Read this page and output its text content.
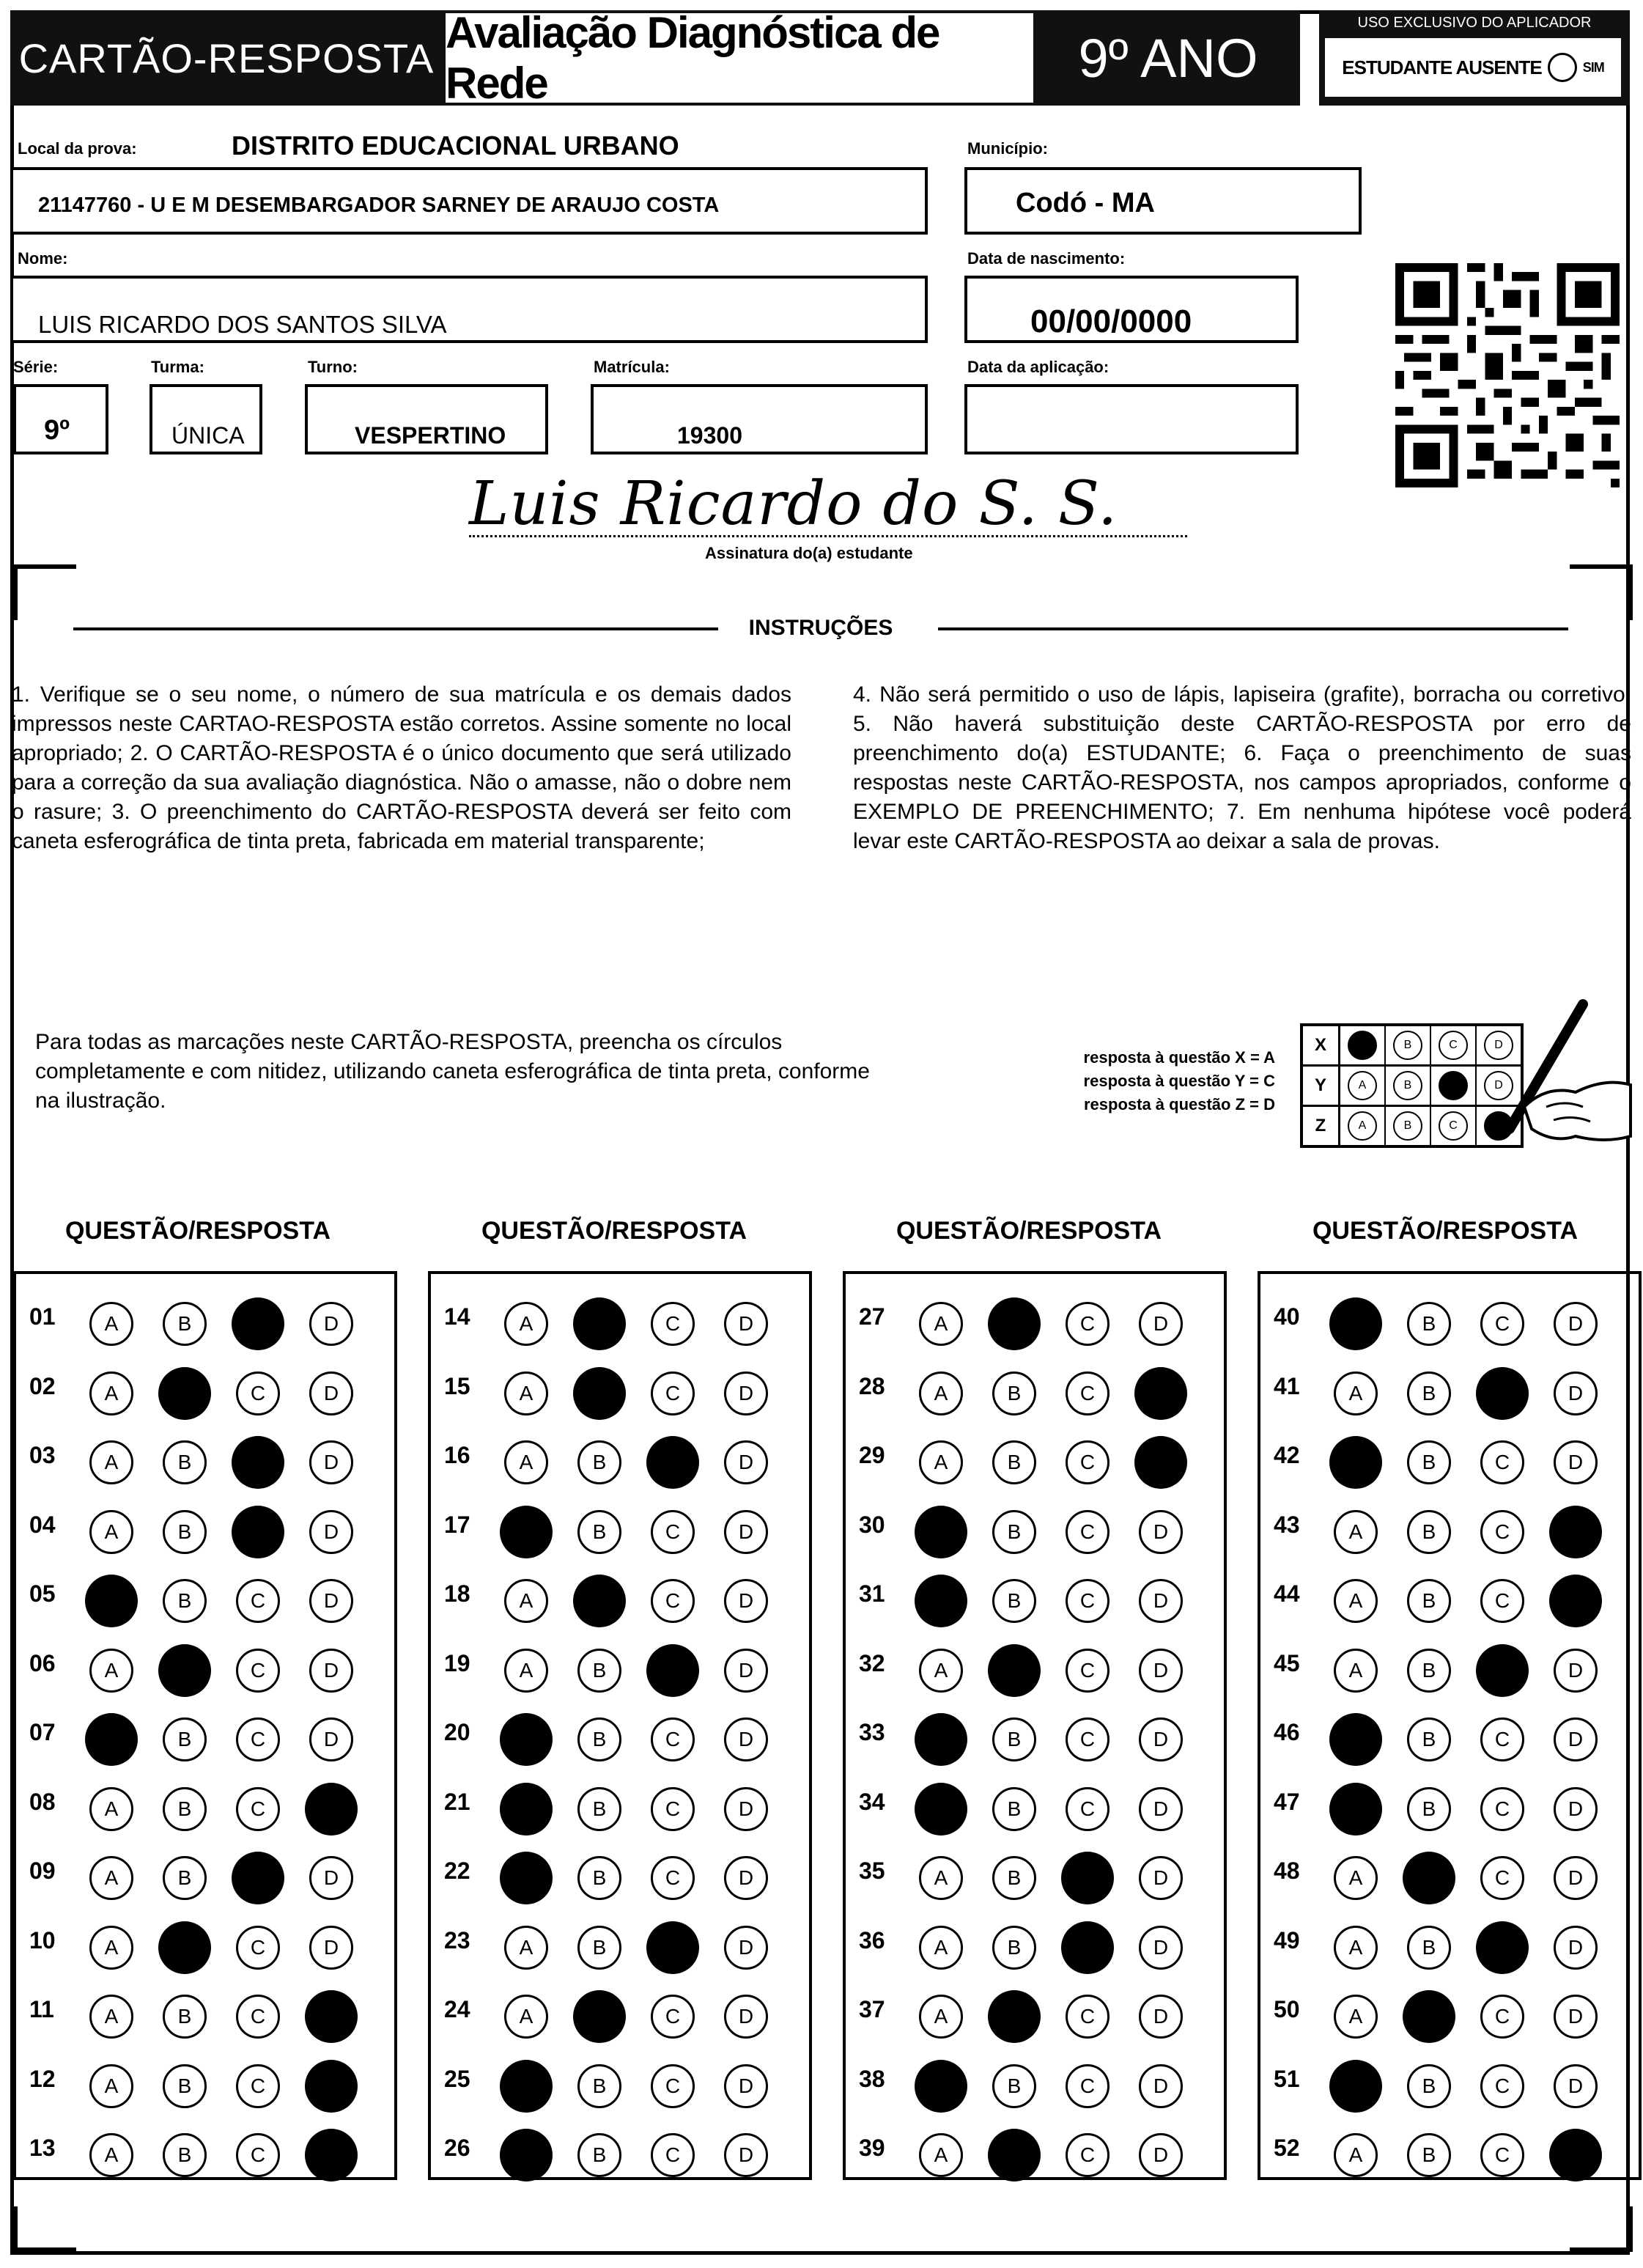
CARTÃO-RESPOSTA
Avaliação Diagnóstica de Rede	9º ANO
USO EXCLUSIVO DO APLICADOR
ESTUDANTE AUSENTE	SIM
Local da prova:	DISTRITO EDUCACIONAL URBANO
21147760 - U E M DESEMBARGADOR SARNEY DE ARAUJO COSTA
Município:
Codó - MA
Nome:
LUIS RICARDO DOS SANTOS SILVA
Data de nascimento:
00/00/0000
Série:
9º
Turma:
ÚNICA
Turno:
VESPERTINO
Matrícula:
19300
Data da aplicação:
Luis Ricardo do S. S.
Assinatura do(a) estudante
INSTRUÇÕES
1. Verifique se o seu nome, o número de sua matrícula e os demais dados impressos neste CARTAO-RESPOSTA estão corretos. Assine somente no local apropriado; 2. O CARTÃO-RESPOSTA é o único documento que será utilizado para a correção da sua avaliação diagnóstica. Não o amasse, não o dobre nem o rasure; 3. O preenchimento do CARTÃO-RESPOSTA deverá ser feito com caneta esferográfica de tinta preta, fabricada em material transparente;
4. Não será permitido o uso de lápis, lapiseira (grafite), borracha ou corretivo; 5. Não haverá substituição deste CARTÃO-RESPOSTA por erro de preenchimento do(a) ESTUDANTE; 6. Faça o preenchimento de suas respostas neste CARTÃO-RESPOSTA, nos campos apropriados, conforme o EXEMPLO DE PREENCHIMENTO; 7. Em nenhuma hipótese você poderá levar este CARTÃO-RESPOSTA ao deixar a sala de provas.
Para todas as marcações neste CARTÃO-RESPOSTA, preencha os círculos completamente e com nitidez, utilizando caneta esferográfica de tinta preta, conforme na ilustração.
resposta à questão X = A
resposta à questão Y = C
resposta à questão Z = D
X	A	B	C	D
Y	A	B	C	D
Z	A	B	C	D
QUESTÃO/RESPOSTA	QUESTÃO/RESPOSTA	QUESTÃO/RESPOSTA	QUESTÃO/RESPOSTA
01	A	B	C	D
02	A	B	C	D
03	A	B	C	D
04	A	B	C	D
05	A	B	C	D
06	A	B	C	D
07	A	B	C	D
08	A	B	C	D
09	A	B	C	D
10	A	B	C	D
11	A	B	C	D
12	A	B	C	D
13	A	B	C	D
14	A	B	C	D
15	A	B	C	D
16	A	B	C	D
17	A	B	C	D
18	A	B	C	D
19	A	B	C	D
20	A	B	C	D
21	A	B	C	D
22	A	B	C	D
23	A	B	C	D
24	A	B	C	D
25	A	B	C	D
26	A	B	C	D
27	A	B	C	D
28	A	B	C	D
29	A	B	C	D
30	A	B	C	D
31	A	B	C	D
32	A	B	C	D
33	A	B	C	D
34	A	B	C	D
35	A	B	C	D
36	A	B	C	D
37	A	B	C	D
38	A	B	C	D
39	A	B	C	D
40	A	B	C	D
41	A	B	C	D
42	A	B	C	D
43	A	B	C	D
44	A	B	C	D
45	A	B	C	D
46	A	B	C	D
47	A	B	C	D
48	A	B	C	D
49	A	B	C	D
50	A	B	C	D
51	A	B	C	D
52	A	B	C	D
